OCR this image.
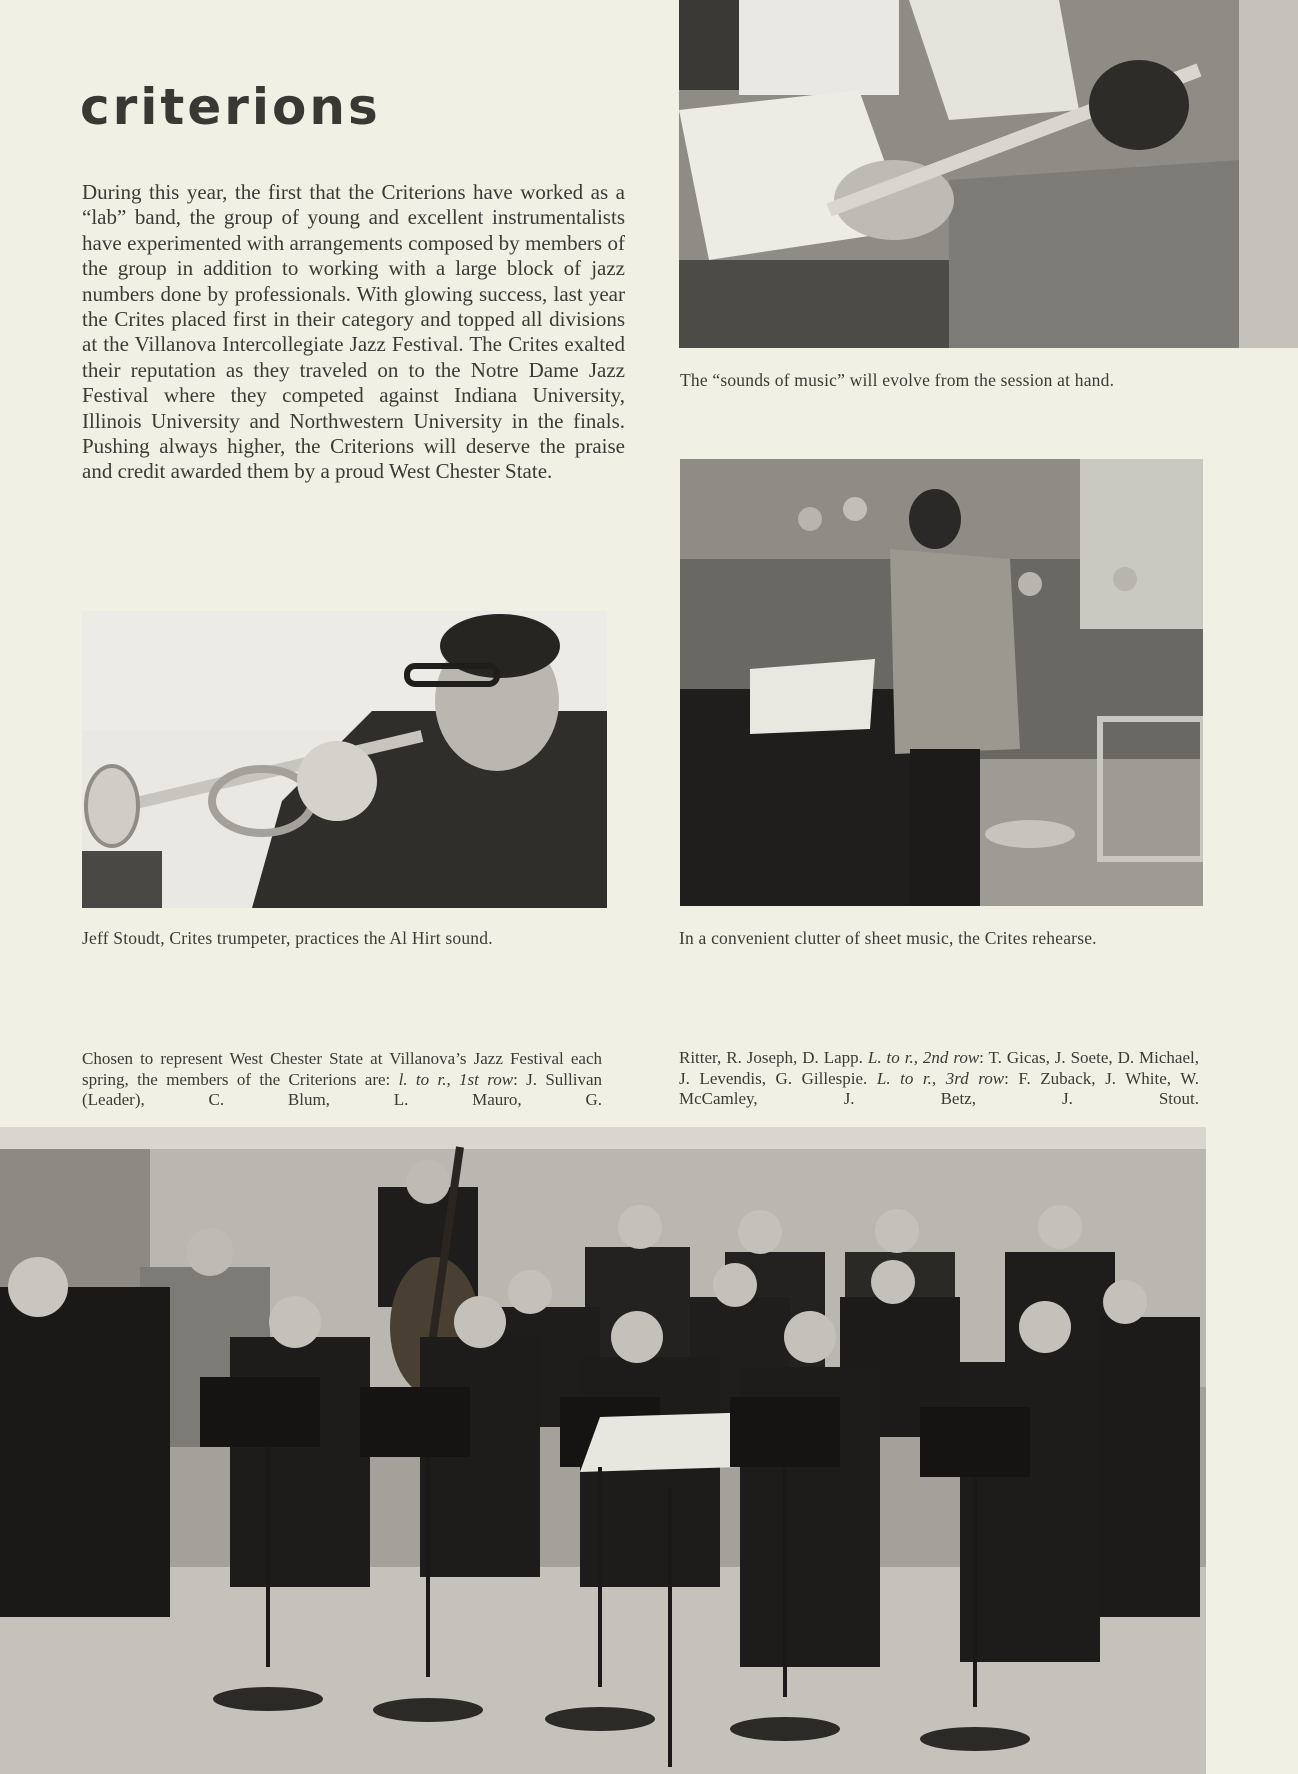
criterions

During this year, the first that the Criterions have worked as a “lab” band, the group of young and excellent instrumentalists have experimented with arrangements composed by members of the group in addition to working with a large block of jazz numbers done by professionals. With glowing success, last year the Crites placed first in their category and topped all divisions at the Villanova Intercollegiate Jazz Festival. The Crites exalted their reputation as they traveled on to the Notre Dame Jazz Festival where they competed against Indiana University, Illinois University and Northwestern University in the finals. Pushing always higher, the Criterions will deserve the praise and credit awarded them by a proud West Chester State.

The “sounds of music” will evolve from the session at hand.

Jeff Stoudt, Crites trumpeter, practices the Al Hirt sound.	In a convenient clutter of sheet music, the Crites rehearse.

Chosen to represent West Chester State at Villanova’s Jazz Festival each spring, the members of the Criterions are: l. to r., 1st row: J. Sullivan (Leader), C. Blum, L. Mauro, G.

Ritter, R. Joseph, D. Lapp. L. to r., 2nd row: T. Gicas, J. Soete, D. Michael, J. Levendis, G. Gillespie. L. to r., 3rd row: F. Zuback, J. White, W. McCamley, J. Betz, J. Stout.
